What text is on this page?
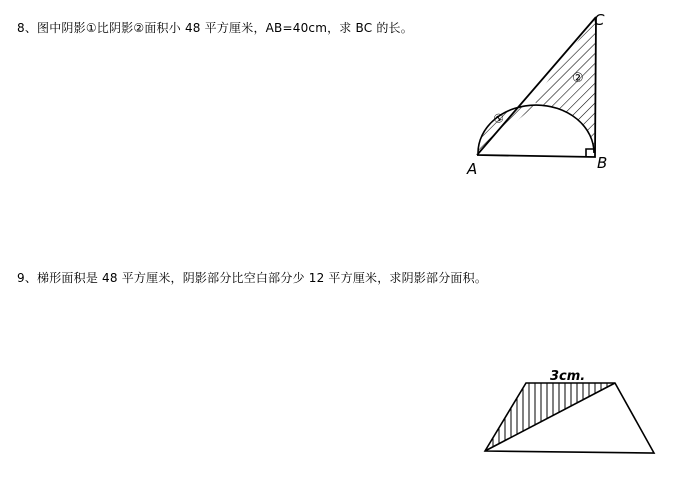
8、图中阴影①比阴影②面积小 48 平方厘米，AB=40cm，求 BC 的长。
①
②
A	B
C
9、梯形面积是 48 平方厘米，阴影部分比空白部分少 12 平方厘米，求阴影部分面积。
3cm.
